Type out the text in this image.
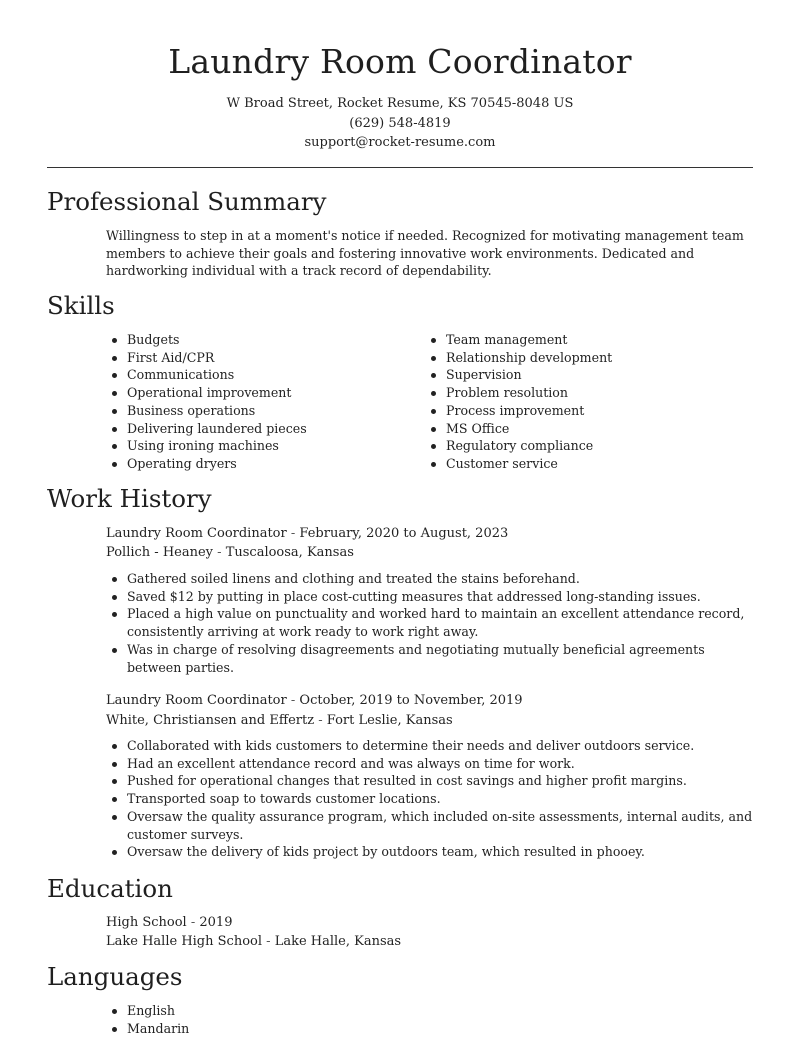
Laundry Room Coordinator
W Broad Street, Rocket Resume, KS 70545-8048 US
(629) 548-4819
support@rocket-resume.com
Professional Summary

Willingness to step in at a moment's notice if needed. Recognized for motivating management team members to achieve their goals and fostering innovative work environments. Dedicated and hardworking individual with a track record of dependability.

Skills
Budgets
First Aid/CPR
Communications
Operational improvement
Business operations
Delivering laundered pieces
Using ironing machines
Operating dryers
Team management
Relationship development
Supervision
Problem resolution
Process improvement
MS Office
Regulatory compliance
Customer service
Work History
Laundry Room Coordinator - February, 2020 to August, 2023
Pollich - Heaney - Tuscaloosa, Kansas
Gathered soiled linens and clothing and treated the stains beforehand.
Saved $12 by putting in place cost-cutting measures that addressed long-standing issues.
Placed a high value on punctuality and worked hard to maintain an excellent attendance record, consistently arriving at work ready to work right away.
Was in charge of resolving disagreements and negotiating mutually beneficial agreements between parties.
Laundry Room Coordinator - October, 2019 to November, 2019
White, Christiansen and Effertz - Fort Leslie, Kansas
Collaborated with kids customers to determine their needs and deliver outdoors service.
Had an excellent attendance record and was always on time for work.
Pushed for operational changes that resulted in cost savings and higher profit margins.
Transported soap to towards customer locations.
Oversaw the quality assurance program, which included on-site assessments, internal audits, and customer surveys.
Oversaw the delivery of kids project by outdoors team, which resulted in phooey.
Education
High School - 2019
Lake Halle High School - Lake Halle, Kansas
Languages
English
Mandarin
